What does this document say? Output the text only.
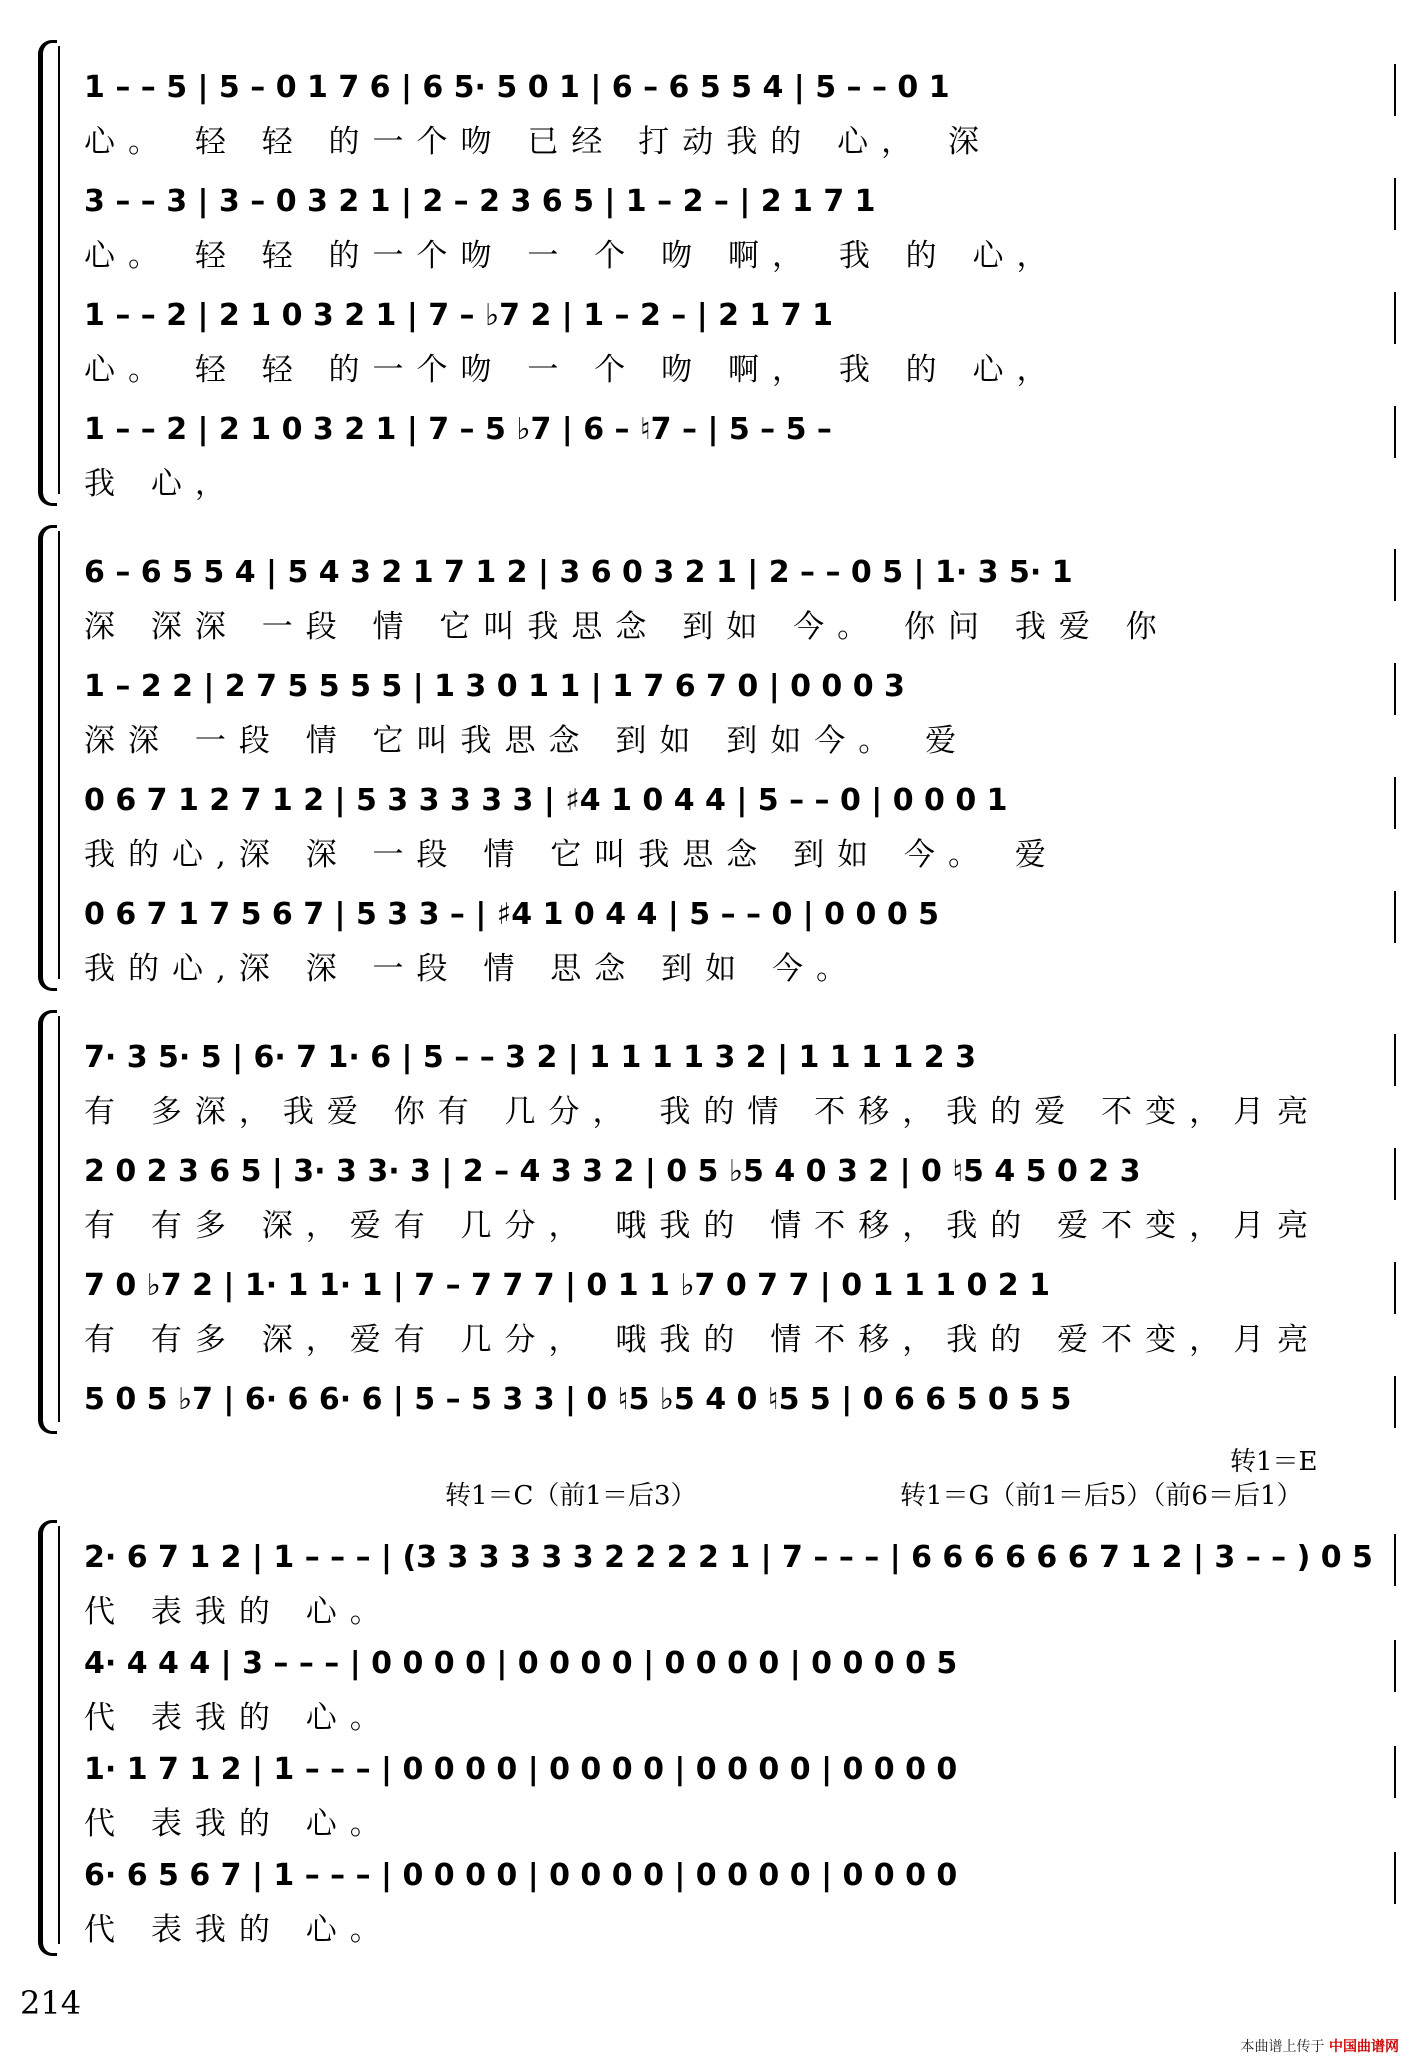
1 – – 5 | 5 – 0 1 7 6 | 6 5· 5 0 1 | 6 – 6 5 5 4 | 5 – – 0 1
心。 轻 轻 的一个吻 已经 打动我的 心， 深
3 – – 3 | 3 – 0 3 2 1 | 2 – 2 3 6 5 | 1 – 2 – | 2 1 7 1
心。 轻 轻 的一个吻 一 个 吻 啊， 我 的 心，
1 – – 2 | 2 1 0 3 2 1 | 7 – ♭7 2 | 1 – 2 – | 2 1 7 1
心。 轻 轻 的一个吻 一 个 吻 啊， 我 的 心，
1 – – 2 | 2 1 0 3 2 1 | 7 – 5 ♭7 | 6 – ♮7 – | 5 – 5 –
我 心，
6 – 6 5 5 4 | 5 4 3 2 1 7 1 2 | 3 6 0 3 2 1 | 2 – – 0 5 | 1· 3 5· 1
深 深深 一段 情 它叫我思念 到如 今。 你问 我爱 你
1 – 2 2 | 2 7 5 5 5 5 | 1 3 0 1 1 | 1 7 6 7 0 | 0 0 0 3
深深 一段 情 它叫我思念 到如 到如今。 爱
0 6 7 1 2 7 1 2 | 5 3 3 3 3 3 | ♯4 1 0 4 4 | 5 – – 0 | 0 0 0 1
我的心,深 深 一段 情 它叫我思念 到如 今。 爱
0 6 7 1 7 5 6 7 | 5 3 3 – | ♯4 1 0 4 4 | 5 – – 0 | 0 0 0 5
我的心,深 深 一段 情 思念 到如 今。
7· 3 5· 5 | 6· 7 1· 6 | 5 – – 3 2 | 1 1 1 1 3 2 | 1 1 1 1 2 3
有 多深，我爱 你有 几分， 我的情 不移，我的爱 不变，月亮
2 0 2 3 6 5 | 3· 3 3· 3 | 2 – 4 3 3 2 | 0 5 ♭5 4 0 3 2 | 0 ♮5 4 5 0 2 3
有 有多 深，爱有 几分， 哦我的 情不移，我的 爱不变，月亮
7 0 ♭7 2 | 1· 1 1· 1 | 7 – 7 7 7 | 0 1 1 ♭7 0 7 7 | 0 1 1 1 0 2 1
有 有多 深，爱有 几分， 哦我的 情不移，我的 爱不变，月亮
5 0 5 ♭7 | 6· 6 6· 6 | 5 – 5 3 3 | 0 ♮5 ♭5 4 0 ♮5 5 | 0 6 6 5 0 5 5
转1＝C（前1＝后3）	转1＝G（前1＝后5）（前6＝后1）
转1＝E
2· 6 7 1 2 | 1 – – – | (3 3 3 3 3 3 2 2 2 2 1 | 7 – – – | 6 6 6 6 6 6 7 1 2 | 3 – – ) 0 5
代 表我的 心。
4· 4 4 4 | 3 – – – | 0 0 0 0 | 0 0 0 0 | 0 0 0 0 | 0 0 0 0 5
代 表我的 心。
1· 1 7 1 2 | 1 – – – | 0 0 0 0 | 0 0 0 0 | 0 0 0 0 | 0 0 0 0
代 表我的 心。
6· 6 5 6 7 | 1 – – – | 0 0 0 0 | 0 0 0 0 | 0 0 0 0 | 0 0 0 0
代 表我的 心。
214
本曲谱上传于 中国曲谱网
